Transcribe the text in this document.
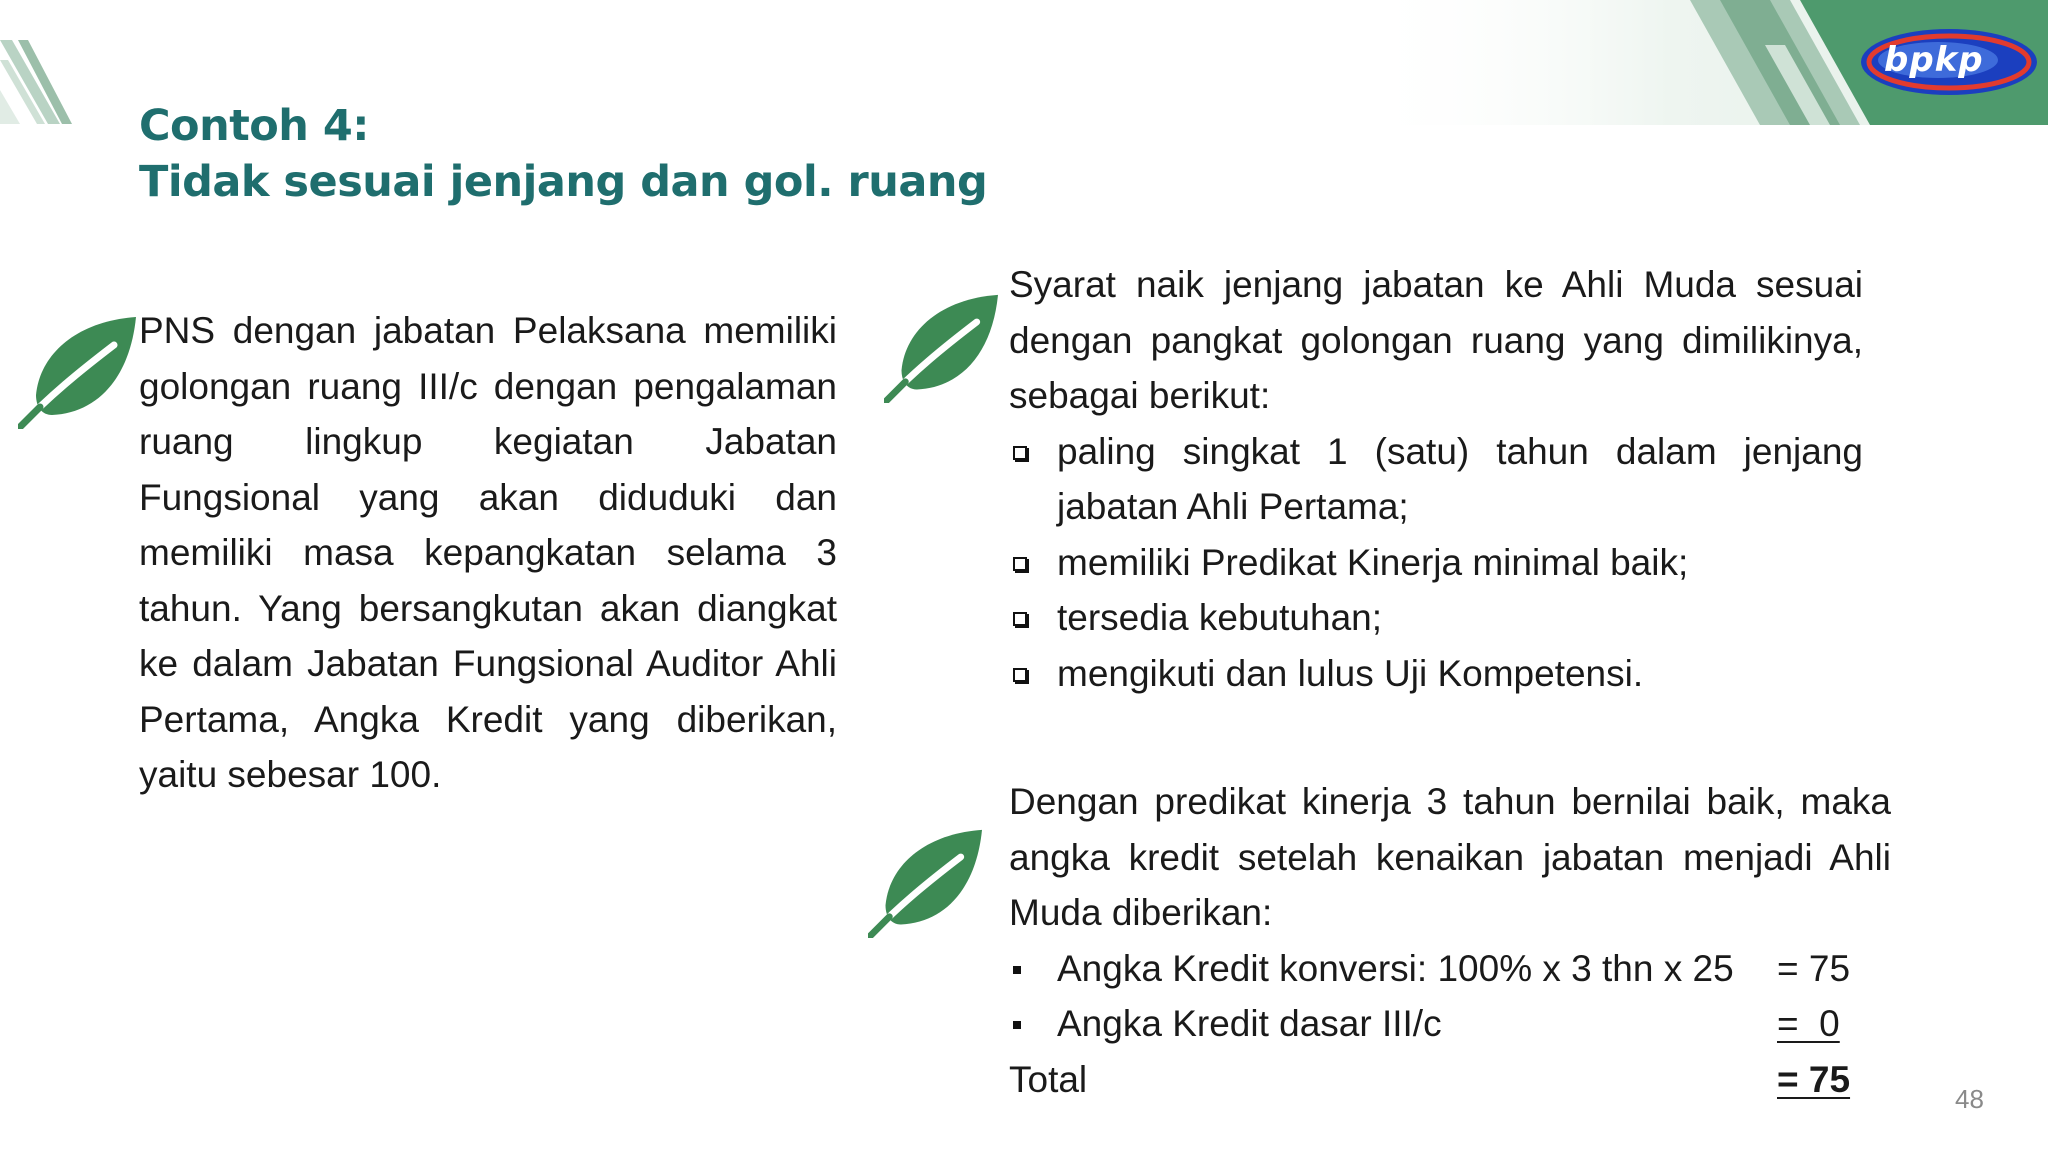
bpkp
Contoh 4:
Tidak sesuai jenjang dan gol. ruang
PNS dengan jabatan Pelaksana memiliki golongan ruang III/c dengan pengalaman ruang lingkup kegiatan Jabatan Fungsional yang akan diduduki dan memiliki masa kepangkatan selama 3 tahun. Yang bersangkutan akan diangkat ke dalam Jabatan Fungsional Auditor Ahli Pertama, Angka Kredit yang diberikan, yaitu sebesar 100.
Syarat naik jenjang jabatan ke Ahli Muda sesuai dengan pangkat golongan ruang yang dimilikinya, sebagai berikut:
paling singkat 1 (satu) tahun dalam jenjang jabatan Ahli Pertama;
memiliki Predikat Kinerja minimal baik;
tersedia kebutuhan;
mengikuti dan lulus Uji Kompetensi.
Dengan predikat kinerja 3 tahun bernilai baik, maka angka kredit setelah kenaikan jabatan menjadi Ahli Muda diberikan:
Angka Kredit konversi: 100% x 3 thn x 25 = 75
Angka Kredit dasar III/c	=  0
Total	= 75	48
